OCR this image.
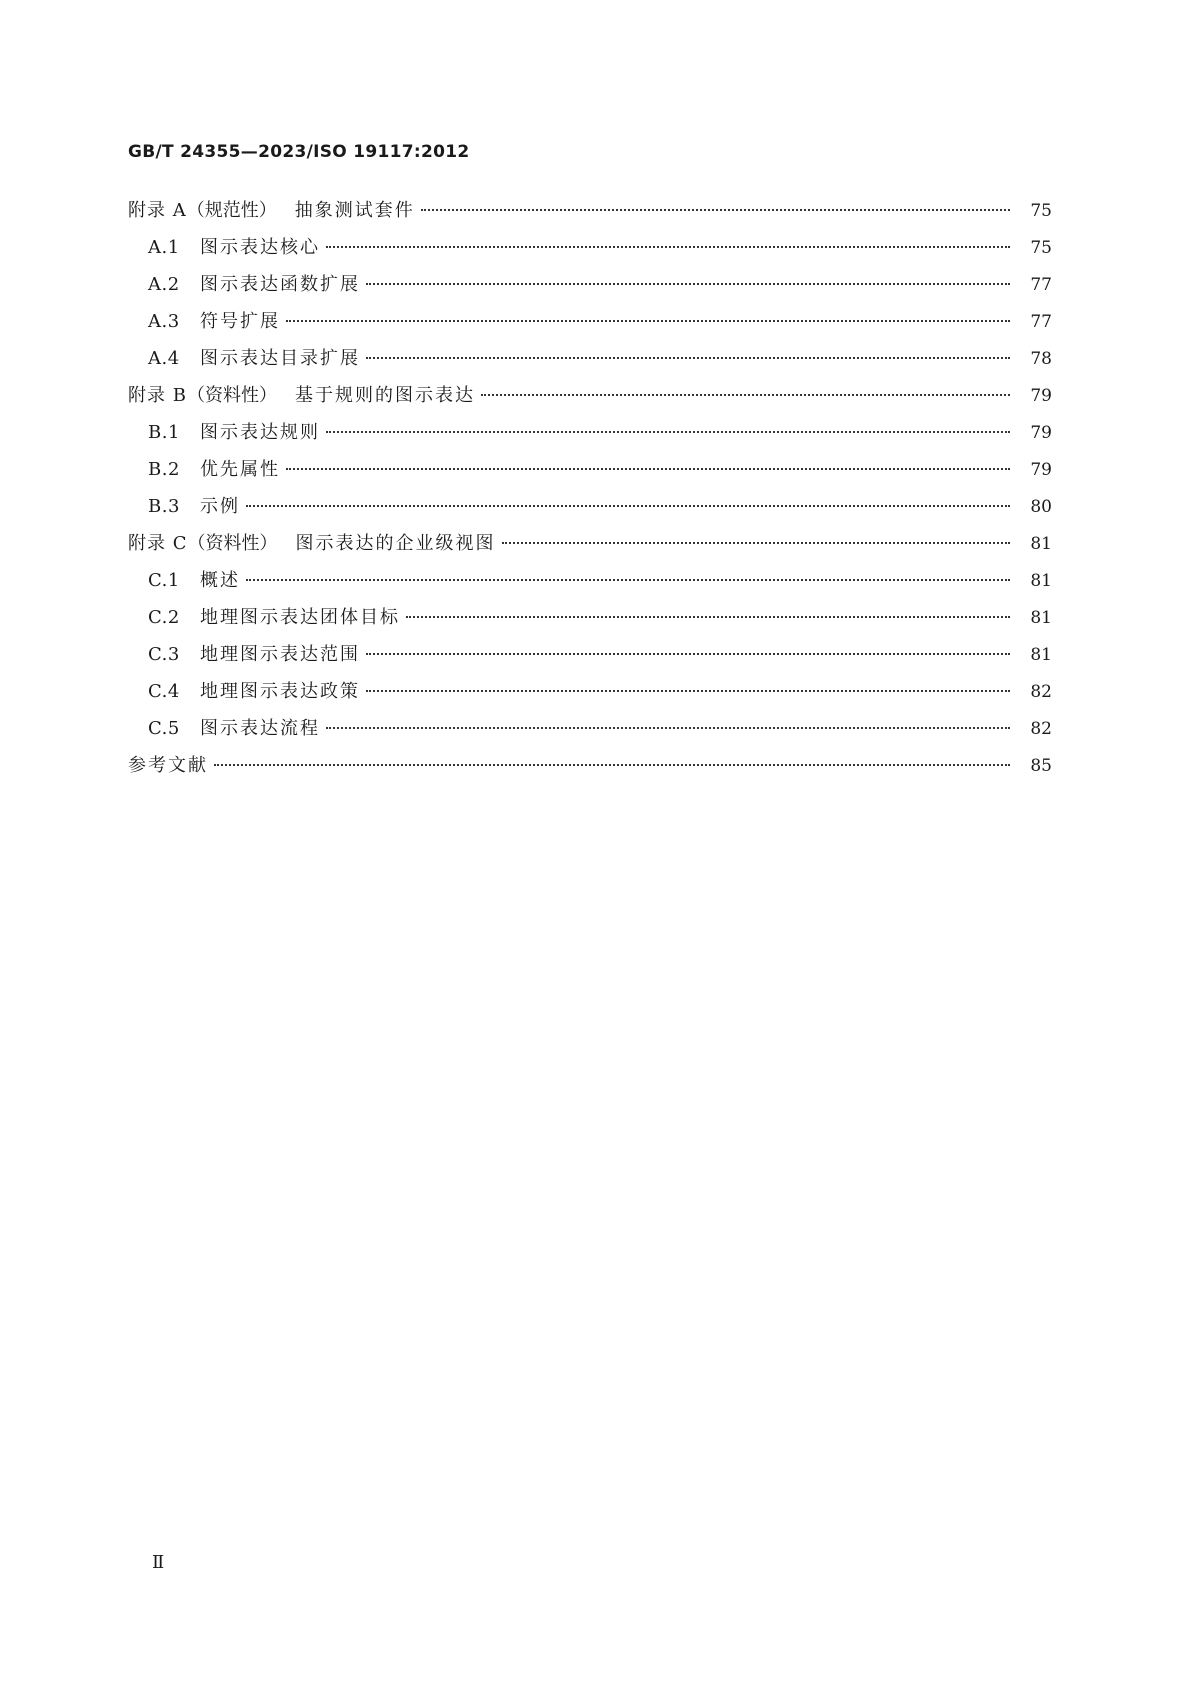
GB/T 24355—2023/ISO 19117:2012
附录 A （规范性） 抽象测试套件	75
A.1	图示表达核心	75
A.2	图示表达函数扩展	77
A.3	符号扩展	77
A.4	图示表达目录扩展	78
附录 B （资料性） 基于规则的图示表达	79
B.1	图示表达规则	79
B.2	优先属性	79
B.3	示例	80
附录 C （资料性） 图示表达的企业级视图	81
C.1	概述	81
C.2	地理图示表达团体目标	81
C.3	地理图示表达范围	81
C.4	地理图示表达政策	82
C.5	图示表达流程	82
参考文献	85
Ⅱ
